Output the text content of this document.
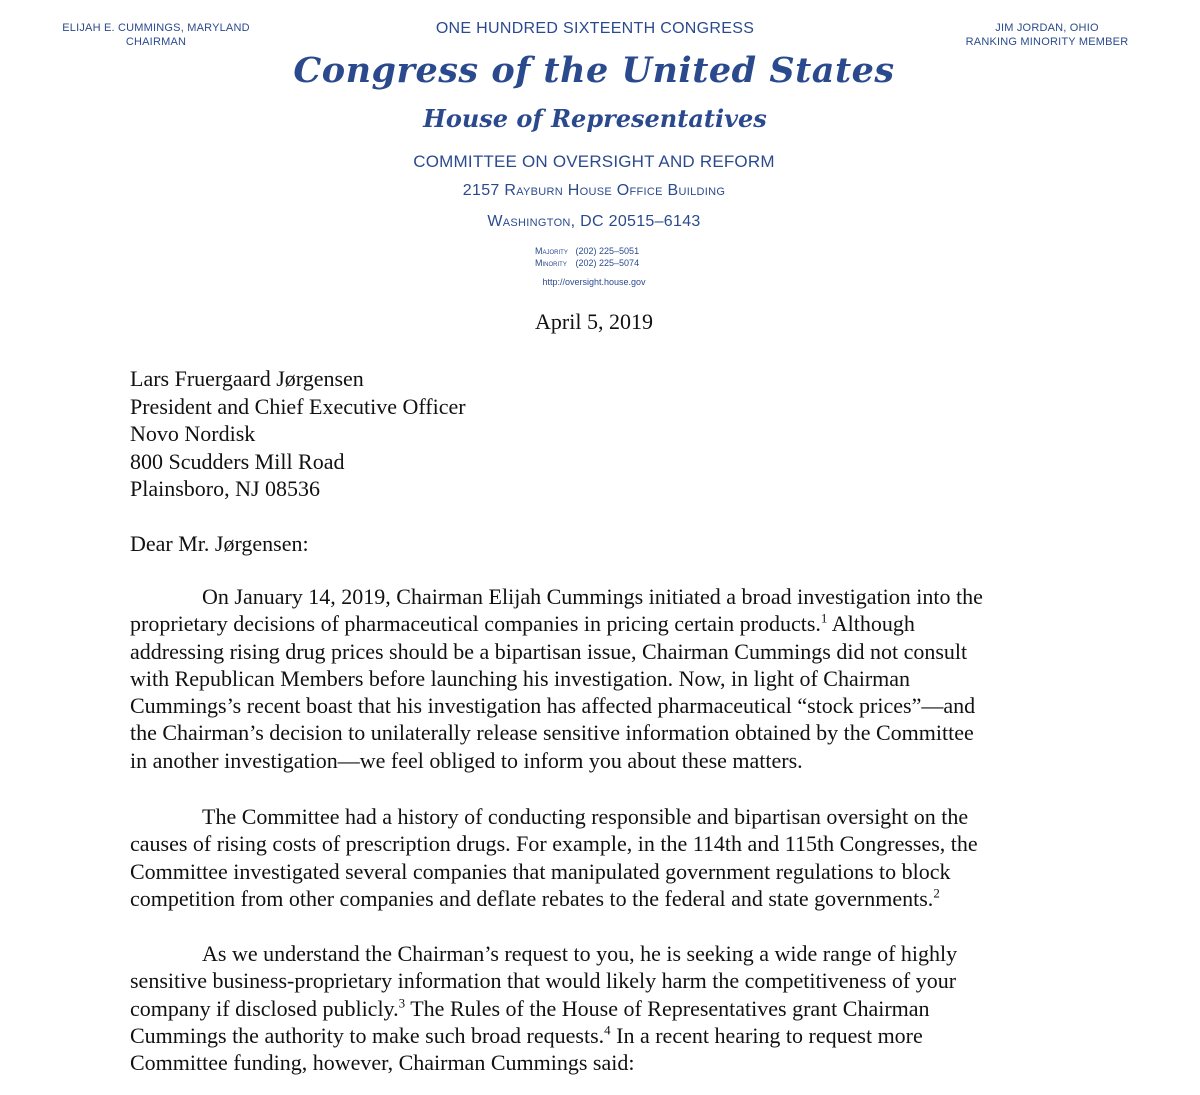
ELIJAH E. CUMMINGS, MARYLAND
CHAIRMAN
JIM JORDAN, OHIO
RANKING MINORITY MEMBER
ONE HUNDRED SIXTEENTH CONGRESS
Congress of the United States
House of Representatives
COMMITTEE ON OVERSIGHT AND REFORM
2157 Rayburn House Office Building
Washington, DC 20515–6143
Majority (202) 225–5051
Minority (202) 225–5074
http://oversight.house.gov
April 5, 2019
Lars Fruergaard Jørgensen
President and Chief Executive Officer
Novo Nordisk
800 Scudders Mill Road
Plainsboro, NJ 08536
Dear Mr. Jørgensen:
On January 14, 2019, Chairman Elijah Cummings initiated a broad investigation into the
proprietary decisions of pharmaceutical companies in pricing certain products.$^1$ Although
addressing rising drug prices should be a bipartisan issue, Chairman Cummings did not consult
with Republican Members before launching his investigation. Now, in light of Chairman
Cummings’s recent boast that his investigation has affected pharmaceutical “stock prices”—and
the Chairman’s decision to unilaterally release sensitive information obtained by the Committee
in another investigation—we feel obliged to inform you about these matters.
The Committee had a history of conducting responsible and bipartisan oversight on the
causes of rising costs of prescription drugs. For example, in the 114th and 115th Congresses, the
Committee investigated several companies that manipulated government regulations to block
competition from other companies and deflate rebates to the federal and state governments.$^2$
As we understand the Chairman’s request to you, he is seeking a wide range of highly
sensitive business-proprietary information that would likely harm the competitiveness of your
company if disclosed publicly.$^3$ The Rules of the House of Representatives grant Chairman
Cummings the authority to make such broad requests.$^4$ In a recent hearing to request more
Committee funding, however, Chairman Cummings said:
